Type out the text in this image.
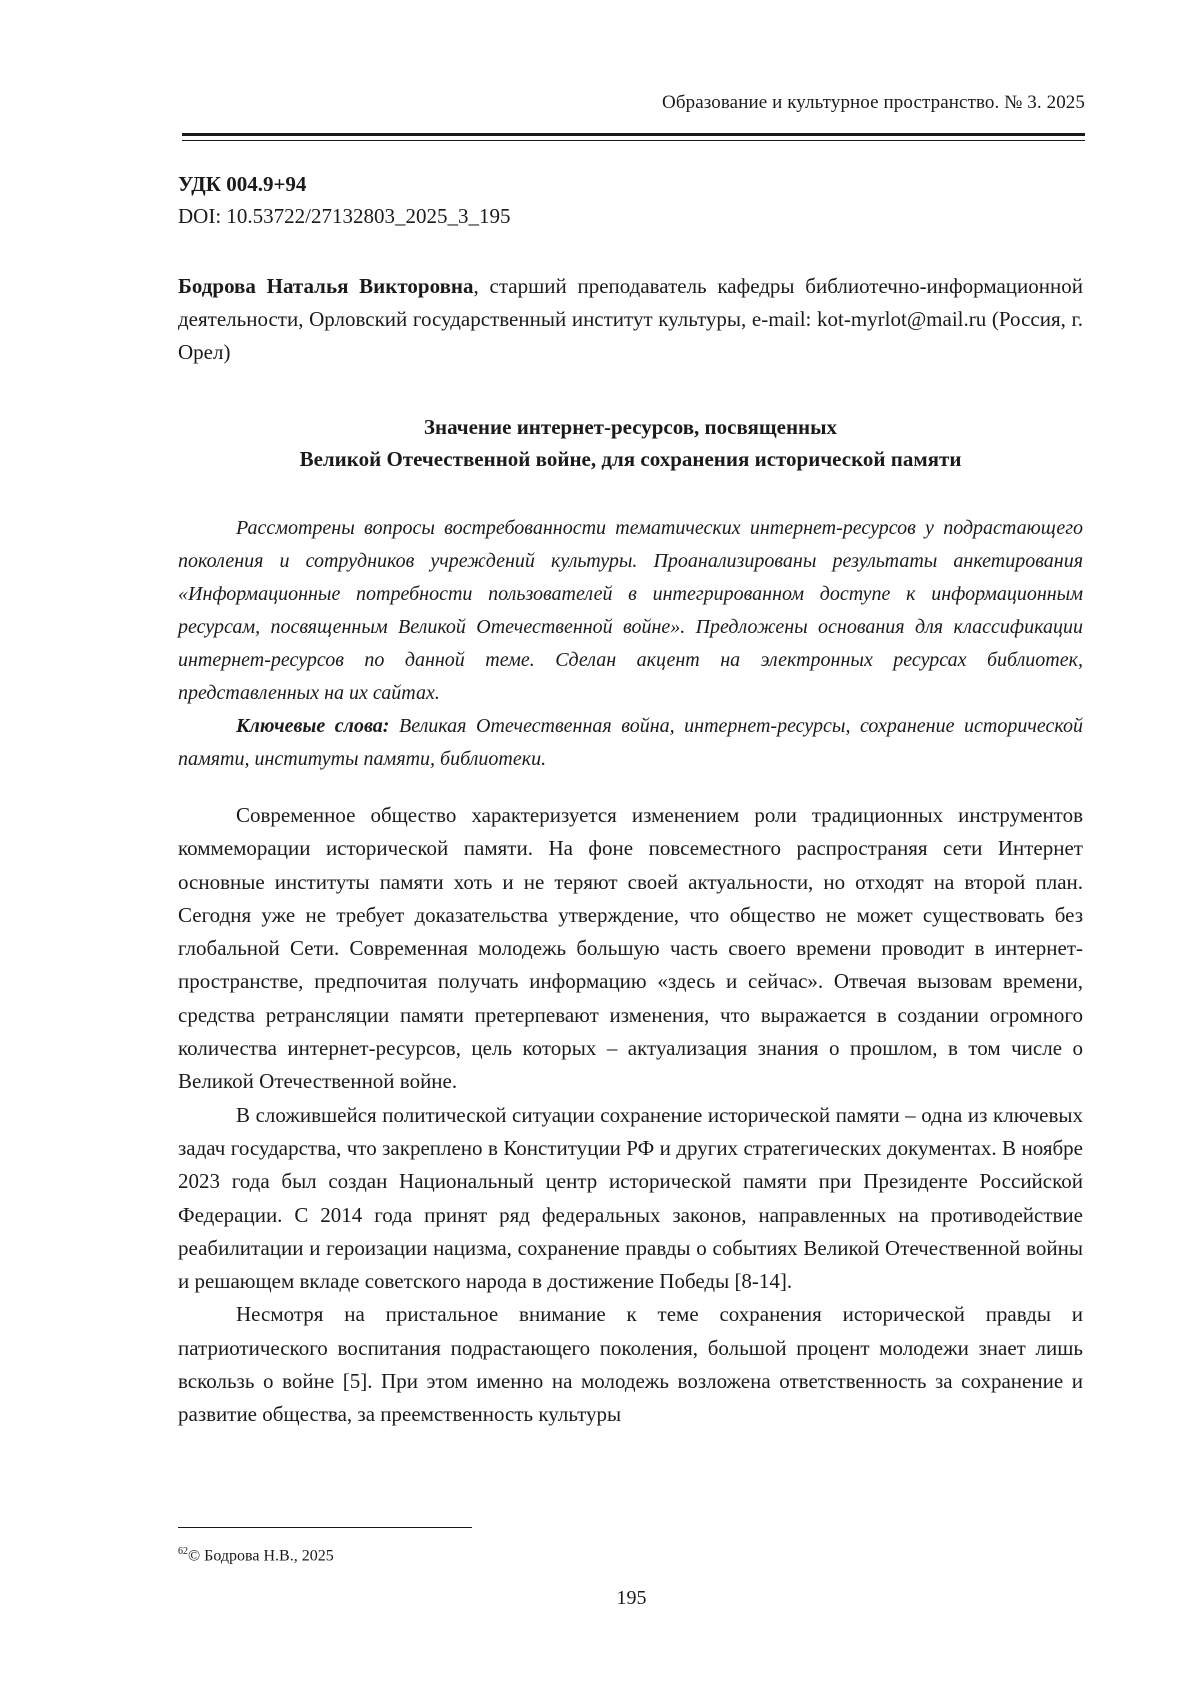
Образование и культурное пространство. № 3. 2025
УДК 004.9+94
DOI: 10.53722/27132803_2025_3_195
Бодрова Наталья Викторовна, старший преподаватель кафедры библиотечно-информационной деятельности, Орловский государственный институт культуры, e-mail: kot-myrlot@mail.ru (Россия, г. Орел)
Значение интернет-ресурсов, посвященных
Великой Отечественной войне, для сохранения исторической памяти

Рассмотрены вопросы востребованности тематических интернет-ресурсов у подрастающего поколения и сотрудников учреждений культуры. Проанализированы результаты анкетирования «Информационные потребности пользователей в интегрированном доступе к информационным ресурсам, посвященным Великой Отечественной войне». Предложены основания для классификации интернет-ресурсов по данной теме. Сделан акцент на электронных ресурсах библиотек, представленных на их сайтах.

Ключевые слова: Великая Отечественная война, интернет-ресурсы, сохранение исторической памяти, институты памяти, библиотеки.

Современное общество характеризуется изменением роли традиционных инструментов коммеморации исторической памяти. На фоне повсеместного распространяя сети Интернет основные институты памяти хоть и не теряют своей актуальности, но отходят на второй план. Сегодня уже не требует доказательства утверждение, что общество не может существовать без глобальной Сети. Современная молодежь большую часть своего времени проводит в интернет-пространстве, предпочитая получать информацию «здесь и сейчас». Отвечая вызовам времени, средства ретрансляции памяти претерпевают изменения, что выражается в создании огромного количества интернет-ресурсов, цель которых – актуализация знания о прошлом, в том числе о Великой Отечественной войне.

В сложившейся политической ситуации сохранение исторической памяти – одна из ключевых задач государства, что закреплено в Конституции РФ и других стратегических документах. В ноябре 2023 года был создан Национальный центр исторической памяти при Президенте Российской Федерации. С 2014 года принят ряд федеральных законов, направленных на противодействие реабилитации и героизации нацизма, сохранение правды о событиях Великой Отечественной войны и решающем вкладе советского народа в достижение Победы [8-14].

Несмотря на пристальное внимание к теме сохранения исторической правды и патриотического воспитания подрастающего поколения, большой процент молодежи знает лишь вскользь о войне [5]. При этом именно на молодежь возложена ответственность за сохранение и развитие общества, за преемственность культуры

$^{62}$© Бодрова Н.В., 2025
195
